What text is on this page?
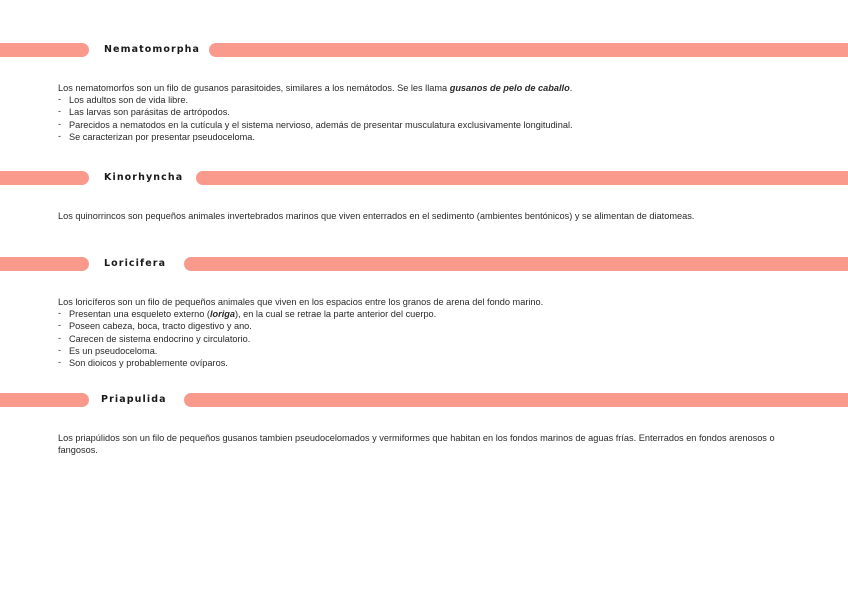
Nematomorpha

Los nematomorfos son un filo de gusanos parasitoides, similares a los nemátodos. Se les llama gusanos de pelo de caballo.

- Los adultos son de vida libre.
- Las larvas son parásitas de artrópodos.
- Parecidos a nematodos en la cutícula y el sistema nervioso, además de presentar musculatura exclusivamente longitudinal.
- Se caracterizan por presentar pseudoceloma.
Kinorhyncha

Los quinorrincos son pequeños animales invertebrados marinos que viven enterrados en el sedimento (ambientes bentónicos) y se alimentan de diatomeas.

Loricifera

Los loricíferos son un filo de pequeños animales que viven en los espacios entre los granos de arena del fondo marino.

- Presentan una esqueleto externo (loriga), en la cual se retrae la parte anterior del cuerpo.
- Poseen cabeza, boca, tracto digestivo y ano.
- Carecen de sistema endocrino y circulatorio.
- Es un pseudoceloma.
- Son dioicos y probablemente ovíparos.
Priapulida

Los priapúlidos son un filo de pequeños gusanos tambien pseudocelomados y vermiformes que habitan en los fondos marinos de aguas frías. Enterrados en fondos arenosos o fangosos.
